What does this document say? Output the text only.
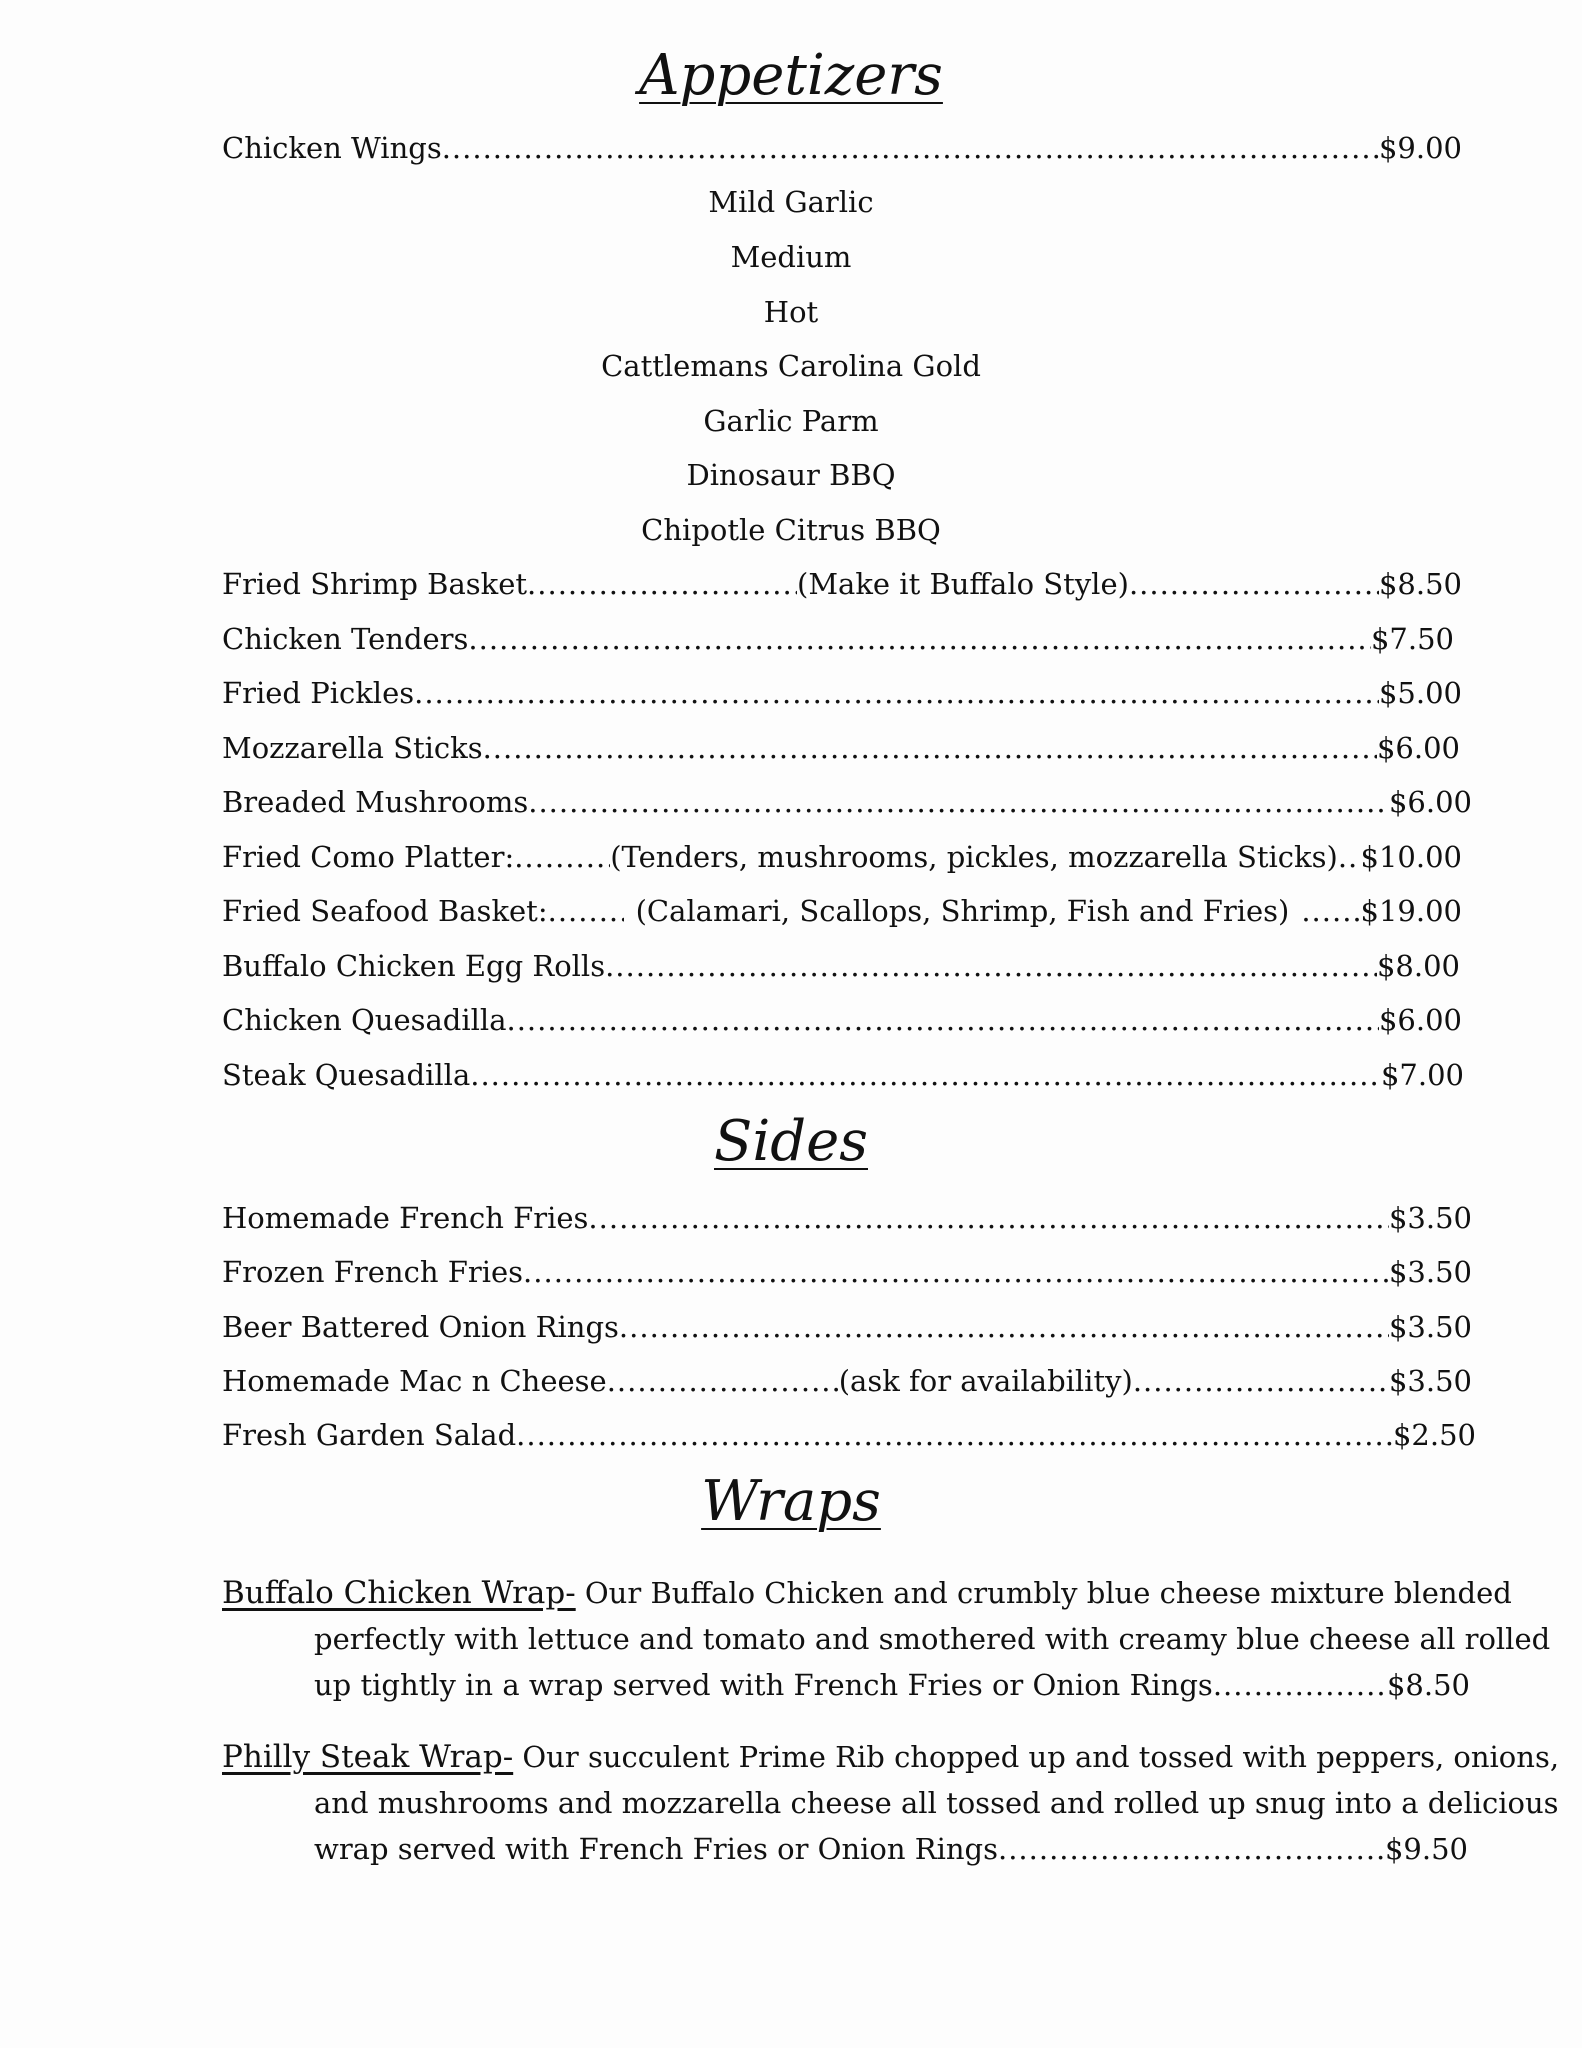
Appetizers
Chicken Wings .....	$9.00
Mild Garlic
Medium
Hot
Cattlemans Carolina Gold
Garlic Parm
Dinosaur BBQ
Chipotle Citrus BBQ
Fried Shrimp Basket .....	(Make it Buffalo Style) .....	$8.50
Chicken Tenders .....	$7.50
Fried Pickles .....	$5.00
Mozzarella Sticks .....	$6.00
Breaded Mushrooms .....	$6.00
Fried Como Platter: .....	(Tenders, mushrooms, pickles, mozzarella Sticks) ..... $10.00
Fried Seafood Basket: .....	(Calamari, Scallops, Shrimp, Fish and Fries) ..... $19.00
Buffalo Chicken Egg Rolls .....	$8.00
Chicken Quesadilla .....	$6.00
Steak Quesadilla .....	$7.00
Sides
Homemade French Fries .....	$3.50
Frozen French Fries .....	$3.50
Beer Battered Onion Rings .....	$3.50
Homemade Mac n Cheese .....	(ask for availability) .....	$3.50
Fresh Garden Salad .....	$2.50
Wraps
Buffalo Chicken Wrap- Our Buffalo Chicken and crumbly blue cheese mixture blended
perfectly with lettuce and tomato and smothered with creamy blue cheese all rolled
up tightly in a wrap served with French Fries or Onion Rings .....	$8.50
Philly Steak Wrap- Our succulent Prime Rib chopped up and tossed with peppers, onions,
and mushrooms and mozzarella cheese all tossed and rolled up snug into a delicious
wrap served with French Fries or Onion Rings .....	$9.50
